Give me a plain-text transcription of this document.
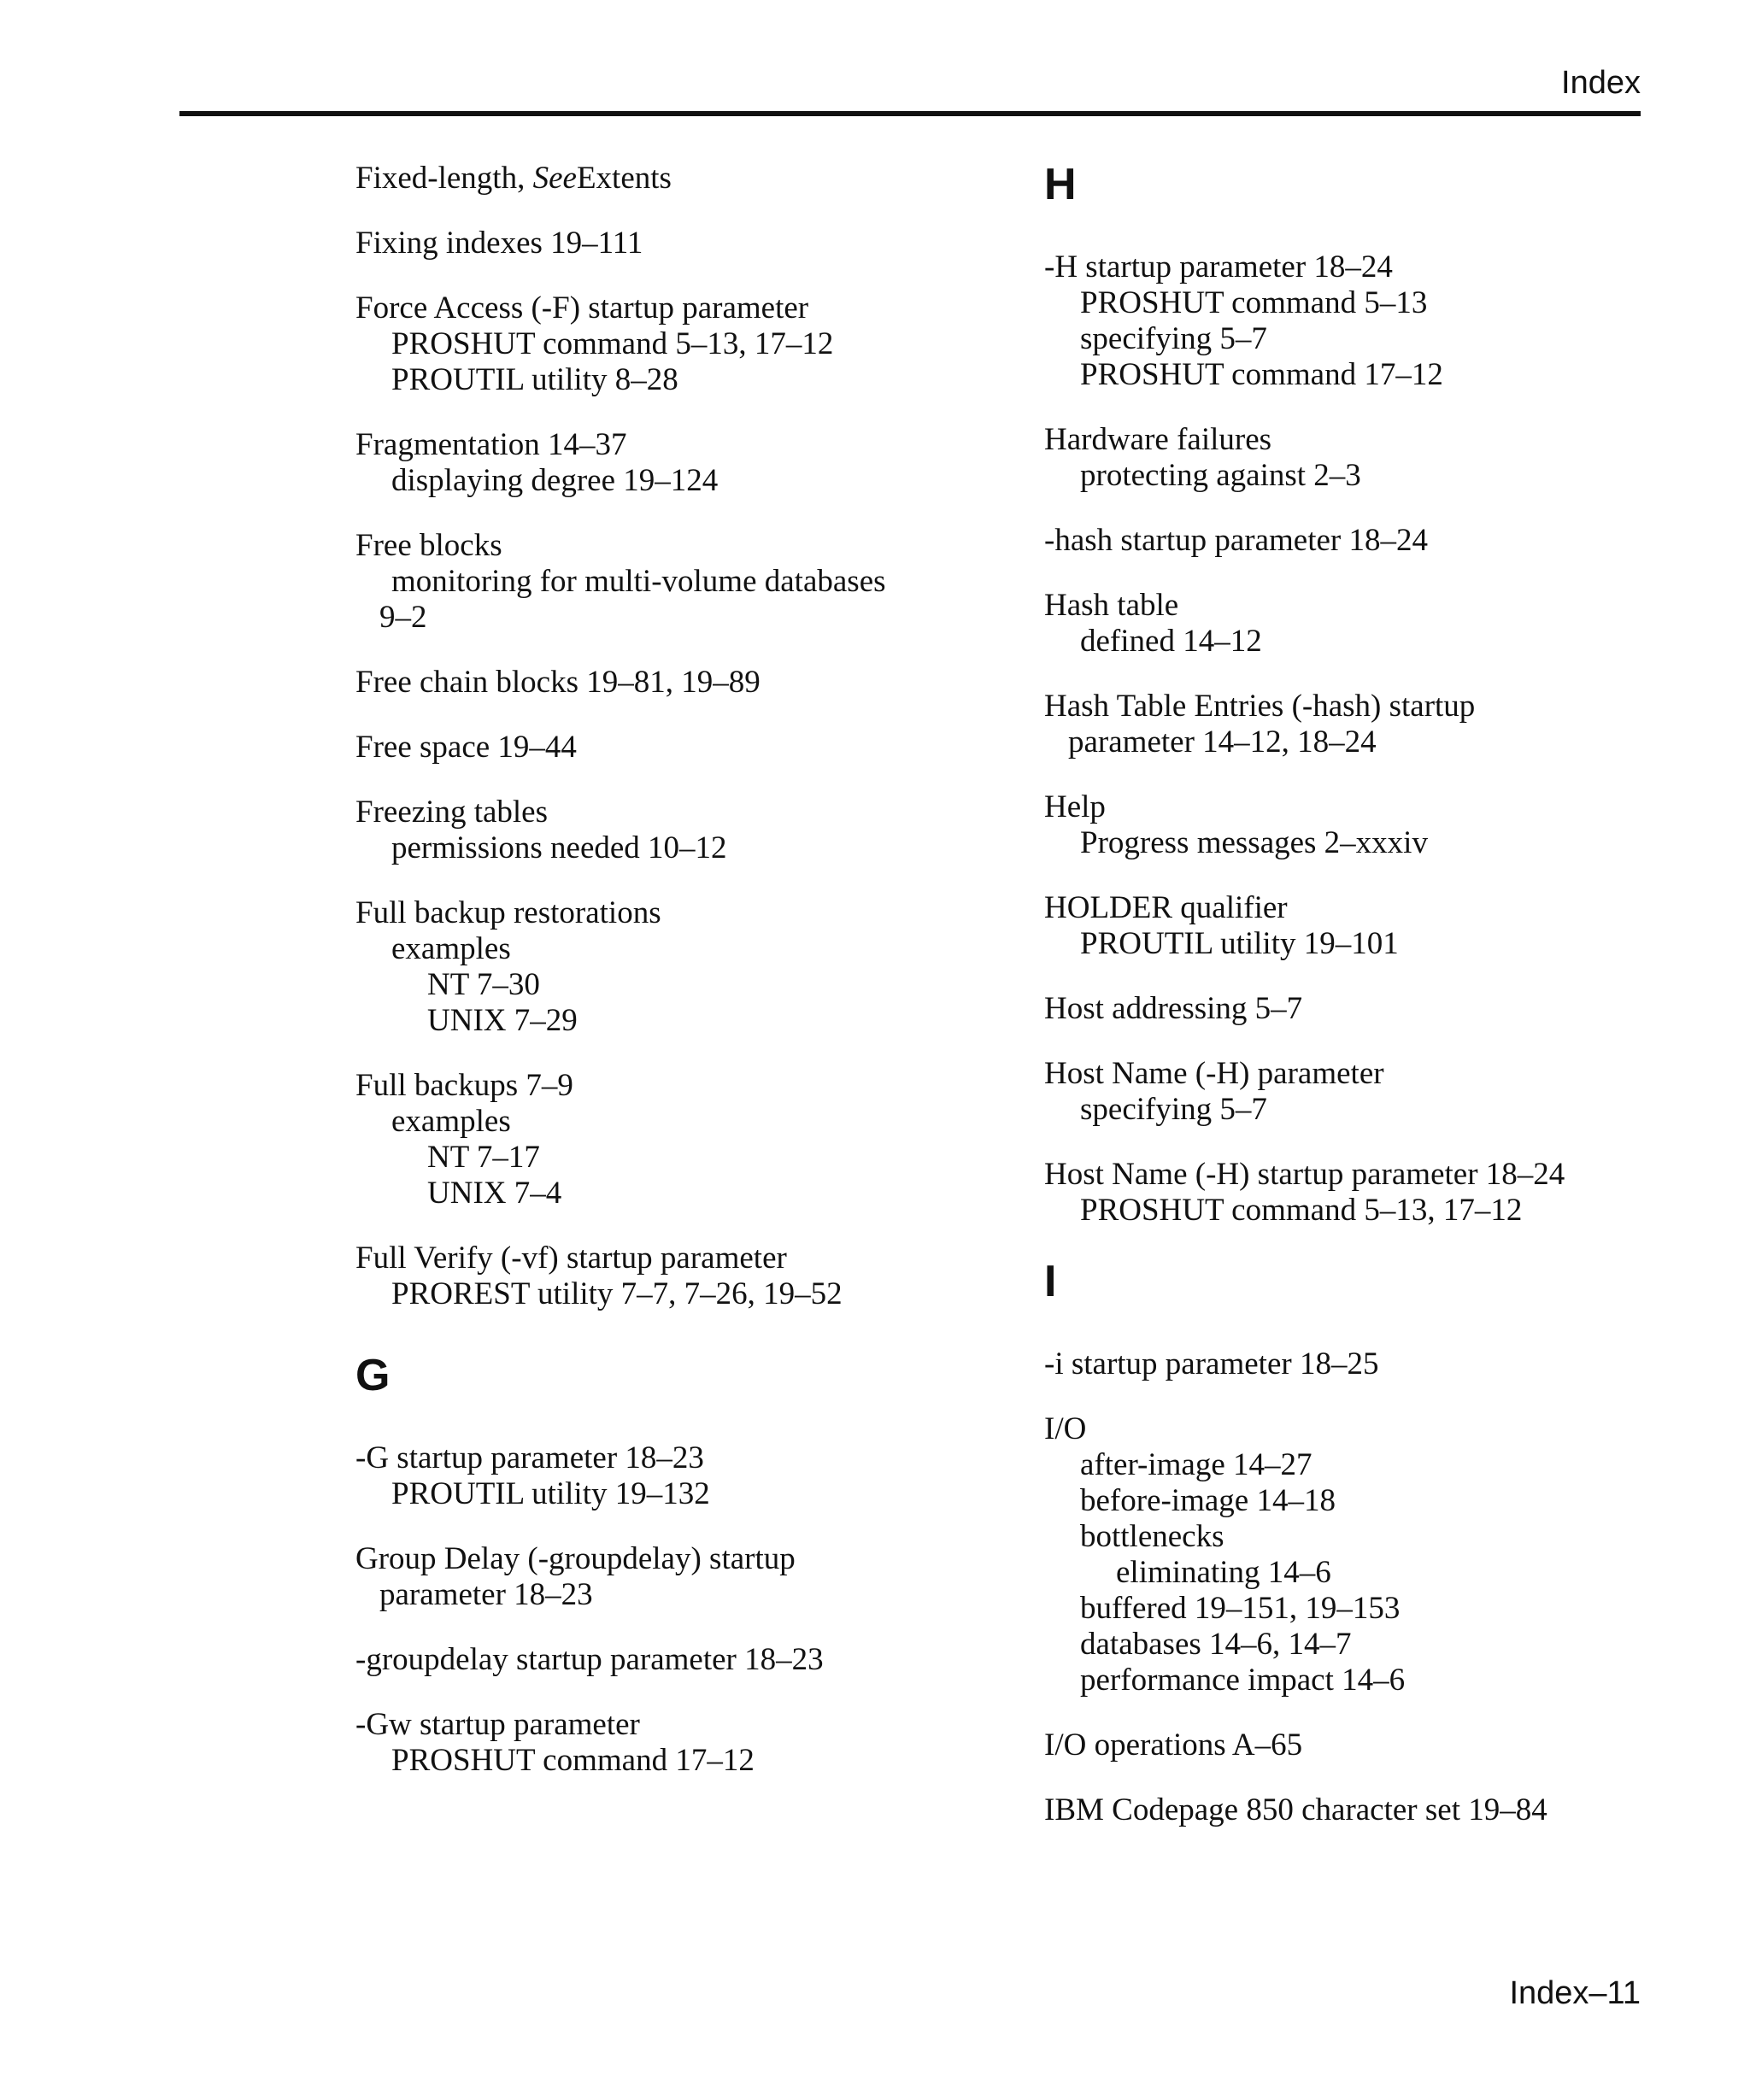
Index
Fixed-length, SeeExtents
Fixing indexes 19–111
Force Access (-F) startup parameter
PROSHUT command 5–13, 17–12
PROUTIL utility 8–28
Fragmentation 14–37
displaying degree 19–124
Free blocks
monitoring for multi-volume databases
9–2
Free chain blocks 19–81, 19–89
Free space 19–44
Freezing tables
permissions needed 10–12
Full backup restorations
examples
NT 7–30
UNIX 7–29
Full backups 7–9
examples
NT 7–17
UNIX 7–4
Full Verify (-vf) startup parameter
PROREST utility 7–7, 7–26, 19–52
G
-G startup parameter 18–23
PROUTIL utility 19–132
Group Delay (-groupdelay) startup
parameter 18–23
-groupdelay startup parameter 18–23
-Gw startup parameter
PROSHUT command 17–12
H
-H startup parameter 18–24
PROSHUT command 5–13
specifying 5–7
PROSHUT command 17–12
Hardware failures
protecting against 2–3
-hash startup parameter 18–24
Hash table
defined 14–12
Hash Table Entries (-hash) startup
parameter 14–12, 18–24
Help
Progress messages 2–xxxiv
HOLDER qualifier
PROUTIL utility 19–101
Host addressing 5–7
Host Name (-H) parameter
specifying 5–7
Host Name (-H) startup parameter 18–24
PROSHUT command 5–13, 17–12
I
-i startup parameter 18–25
I/O
after-image 14–27
before-image 14–18
bottlenecks
eliminating 14–6
buffered 19–151, 19–153
databases 14–6, 14–7
performance impact 14–6
I/O operations A–65
IBM Codepage 850 character set 19–84
Index–11
